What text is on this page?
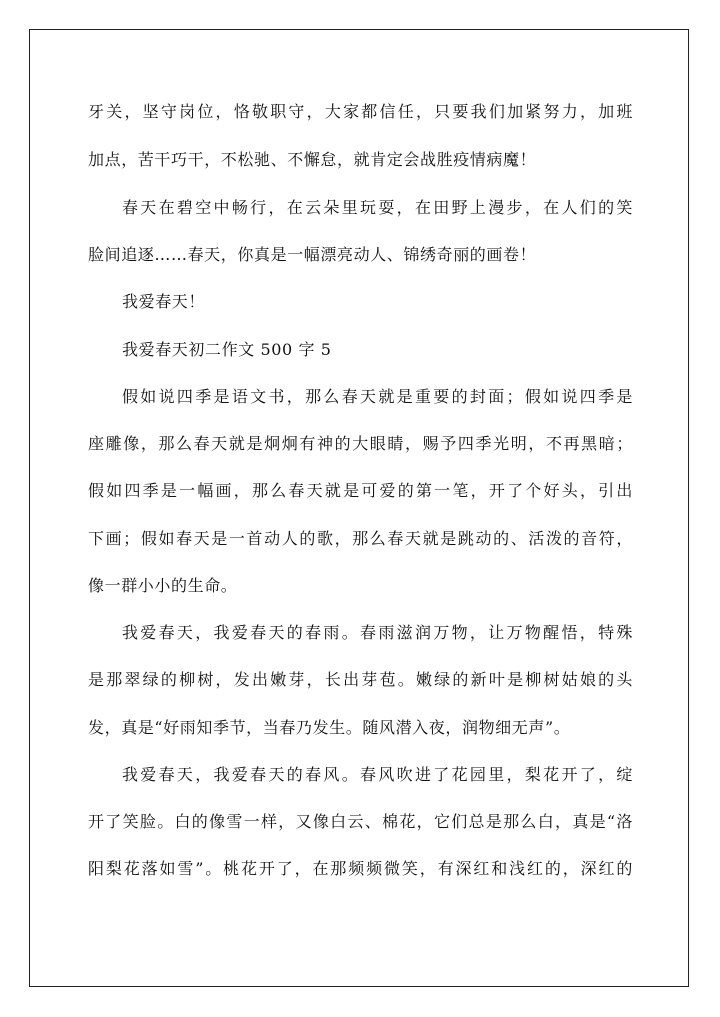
牙关，坚守岗位，恪敬职守，大家都信任，只要我们加紧努力，加班
加点，苦干巧干，不松驰、不懈怠，就肯定会战胜疫情病魔！
春天在碧空中畅行，在云朵里玩耍，在田野上漫步，在人们的笑
脸间追逐……春天，你真是一幅漂亮动人、锦绣奇丽的画卷！
我爱春天！
我爱春天初二作文 500 字 5
假如说四季是语文书，那么春天就是重要的封面；假如说四季是
座雕像，那么春天就是炯炯有神的大眼睛，赐予四季光明，不再黑暗；
假如四季是一幅画，那么春天就是可爱的第一笔，开了个好头，引出
下画；假如春天是一首动人的歌，那么春天就是跳动的、活泼的音符，
像一群小小的生命。
我爱春天，我爱春天的春雨。春雨滋润万物，让万物醒悟，特殊
是那翠绿的柳树，发出嫩芽，长出芽苞。嫩绿的新叶是柳树姑娘的头
发，真是“好雨知季节，当春乃发生。随风潜入夜，润物细无声”。
我爱春天，我爱春天的春风。春风吹进了花园里，梨花开了，绽
开了笑脸。白的像雪一样，又像白云、棉花，它们总是那么白，真是“洛
阳梨花落如雪”。桃花开了，在那频频微笑，有深红和浅红的，深红的
